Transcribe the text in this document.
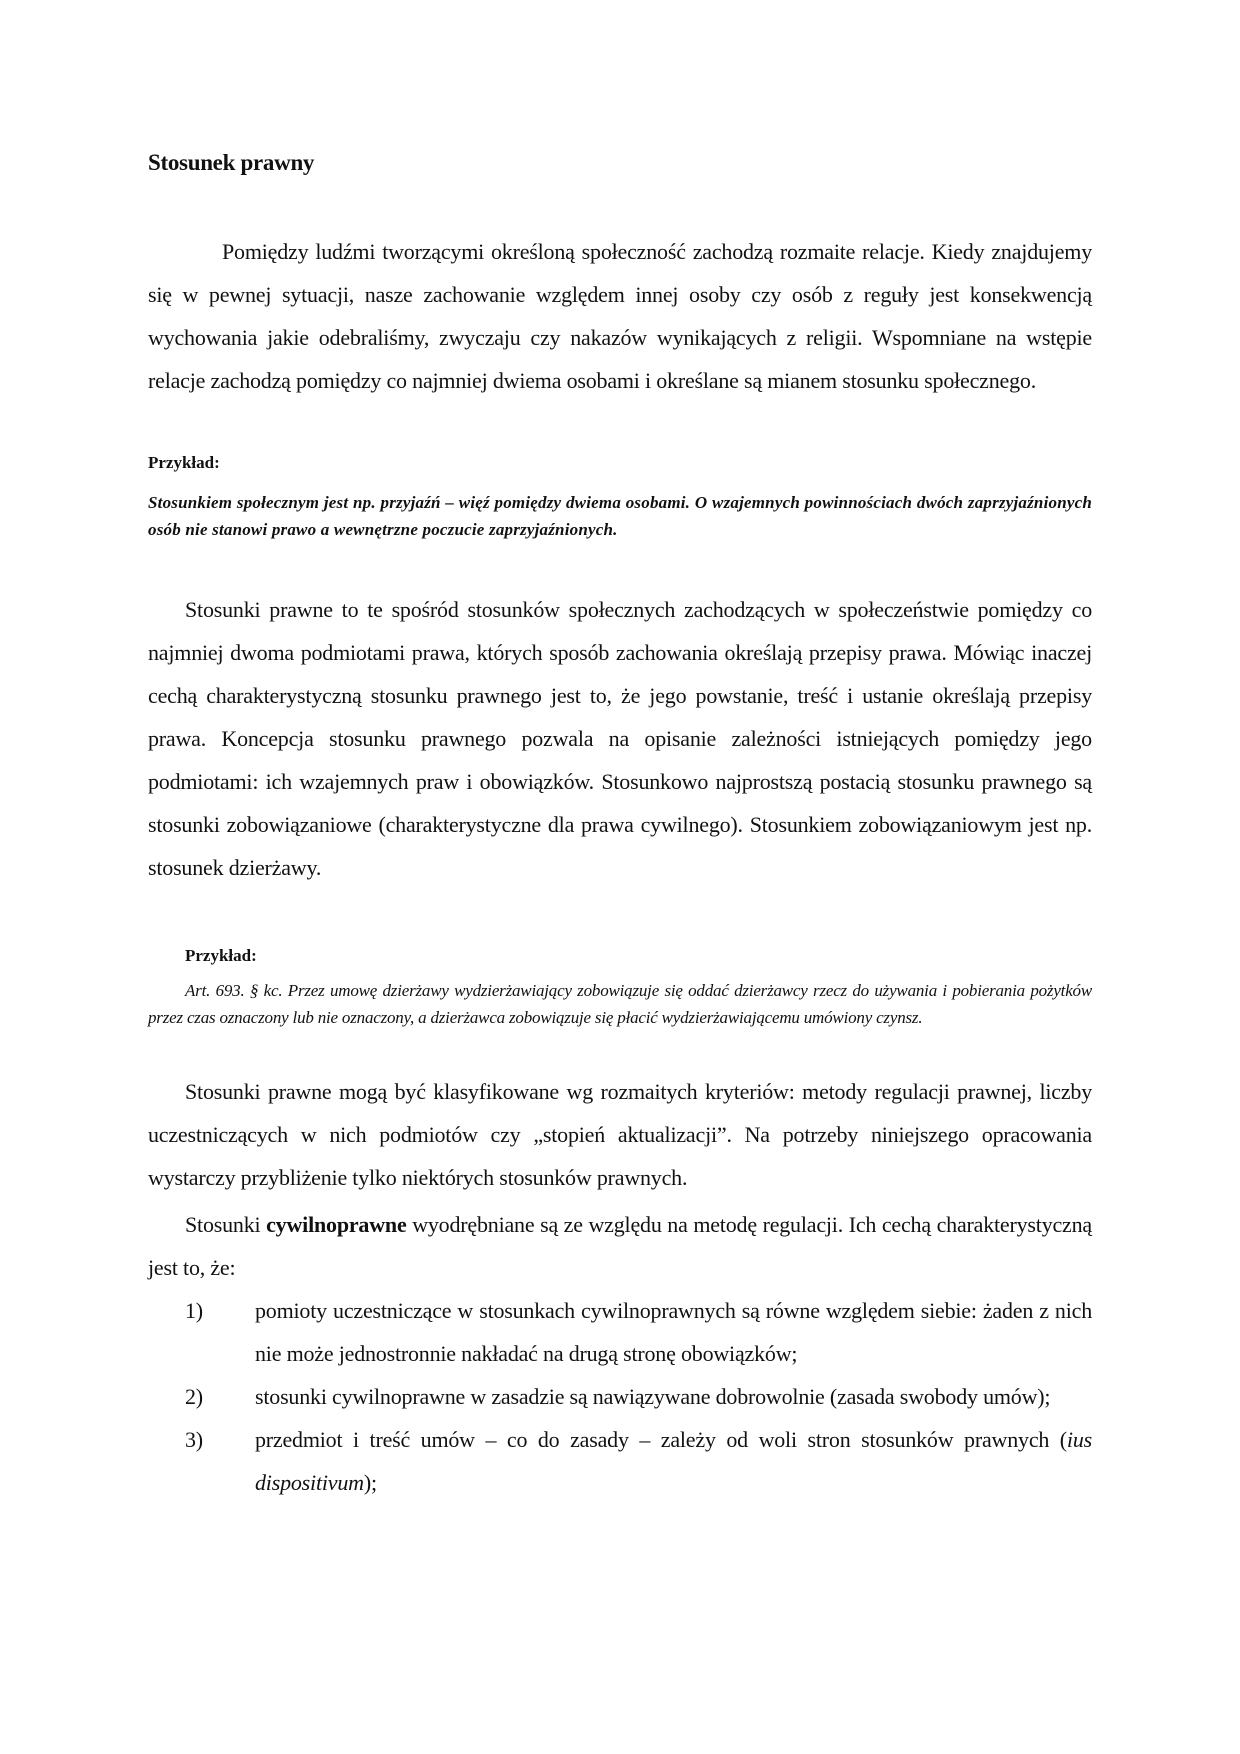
Stosunek prawny
Pomiędzy ludźmi tworzącymi określoną społeczność zachodzą rozmaite relacje. Kiedy znajdujemy się w pewnej sytuacji, nasze zachowanie względem innej osoby czy osób z reguły jest konsekwencją wychowania jakie odebraliśmy, zwyczaju czy nakazów wynikających z religii. Wspomniane na wstępie relacje zachodzą pomiędzy co najmniej dwiema osobami i określane są mianem stosunku społecznego.
Przykład:
Stosunkiem społecznym jest np. przyjaźń – więź pomiędzy dwiema osobami. O wzajemnych powinnościach dwóch zaprzyjaźnionych osób nie stanowi prawo a wewnętrzne poczucie zaprzyjaźnionych.
Stosunki prawne to te spośród stosunków społecznych zachodzących w społeczeństwie pomiędzy co najmniej dwoma podmiotami prawa, których sposób zachowania określają przepisy prawa. Mówiąc inaczej cechą charakterystyczną stosunku prawnego jest to, że jego powstanie, treść i ustanie określają przepisy prawa. Koncepcja stosunku prawnego pozwala na opisanie zależności istniejących pomiędzy jego podmiotami: ich wzajemnych praw i obowiązków. Stosunkowo najprostszą postacią stosunku prawnego są stosunki zobowiązaniowe (charakterystyczne dla prawa cywilnego). Stosunkiem zobowiązaniowym jest np. stosunek dzierżawy.
Przykład:
Art. 693. § kc. Przez umowę dzierżawy wydzierżawiający zobowiązuje się oddać dzierżawcy rzecz do używania i pobierania pożytków przez czas oznaczony lub nie oznaczony, a dzierżawca zobowiązuje się płacić wydzierżawiającemu umówiony czynsz.
Stosunki prawne mogą być klasyfikowane wg rozmaitych kryteriów: metody regulacji prawnej, liczby uczestniczących w nich podmiotów czy „stopień aktualizacji”. Na potrzeby niniejszego opracowania wystarczy przybliżenie tylko niektórych stosunków prawnych.
Stosunki cywilnoprawne wyodrębniane są ze względu na metodę regulacji. Ich cechą charakterystyczną jest to, że:
1) pomioty uczestniczące w stosunkach cywilnoprawnych są równe względem siebie: żaden z nich nie może jednostronnie nakładać na drugą stronę obowiązków;
2) stosunki cywilnoprawne w zasadzie są nawiązywane dobrowolnie (zasada swobody umów);
3) przedmiot i treść umów – co do zasady – zależy od woli stron stosunków prawnych (ius dispositivum);
